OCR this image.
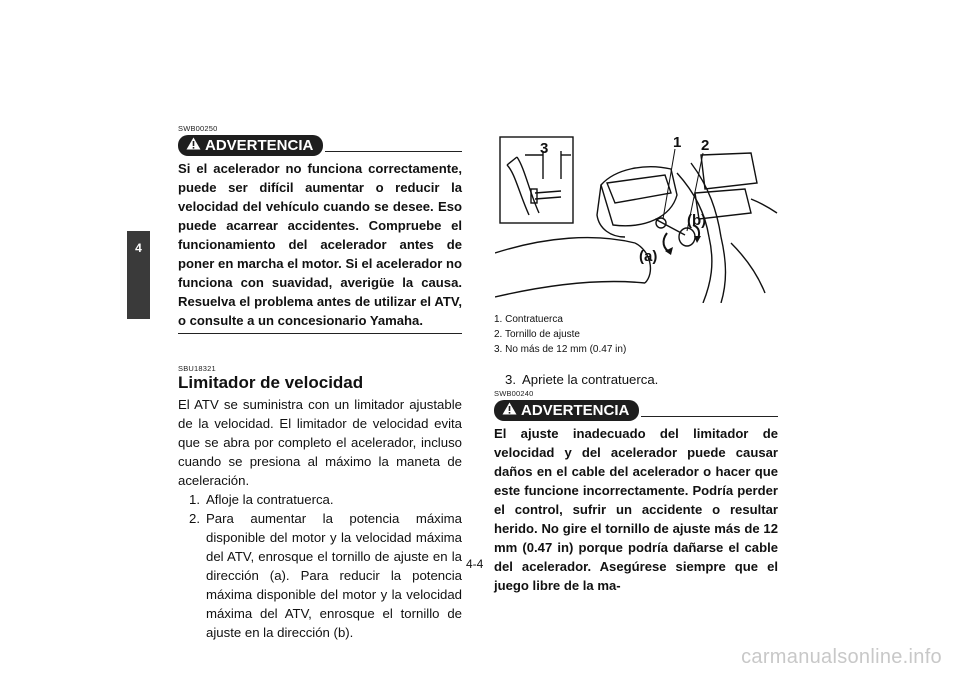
4
SWB00250
ADVERTENCIA
Si el acelerador no funciona correctamente, puede ser difícil aumentar o reducir la velocidad del vehículo cuando se desee. Eso puede acarrear accidentes. Compruebe el funcionamiento del acelerador antes de poner en marcha el motor. Si el acelerador no funciona con suavidad, averigüe la causa. Resuelva el problema antes de utilizar el ATV, o consulte a un concesionario Yamaha.
SBU18321
Limitador de velocidad
El ATV se suministra con un limitador ajustable de la velocidad. El limitador de velocidad evita que se abra por completo el acelerador, incluso cuando se presiona al máximo la maneta de aceleración.
1. Afloje la contratuerca.
2. Para aumentar la potencia máxima disponible del motor y la velocidad máxima del ATV, enrosque el tornillo de ajuste en la dirección (a). Para reducir la potencia máxima disponible del motor y la velocidad máxima del ATV, enrosque el tornillo de ajuste en la dirección (b).
3	1 2
(b)
(a)
1. Contratuerca
2. Tornillo de ajuste
3. No más de 12 mm (0.47 in)
3. Apriete la contratuerca.
SWB00240
ADVERTENCIA
El ajuste inadecuado del limitador de velocidad y del acelerador puede causar daños en el cable del acelerador o hacer que este funcione incorrectamente. Podría perder el control, sufrir un accidente o resultar herido. No gire el tornillo de ajuste más de 12 mm (0.47 in) porque podría dañarse el cable del acelerador. Asegúrese siempre que el juego libre de la ma-
4-4
carmanualsonline.info
